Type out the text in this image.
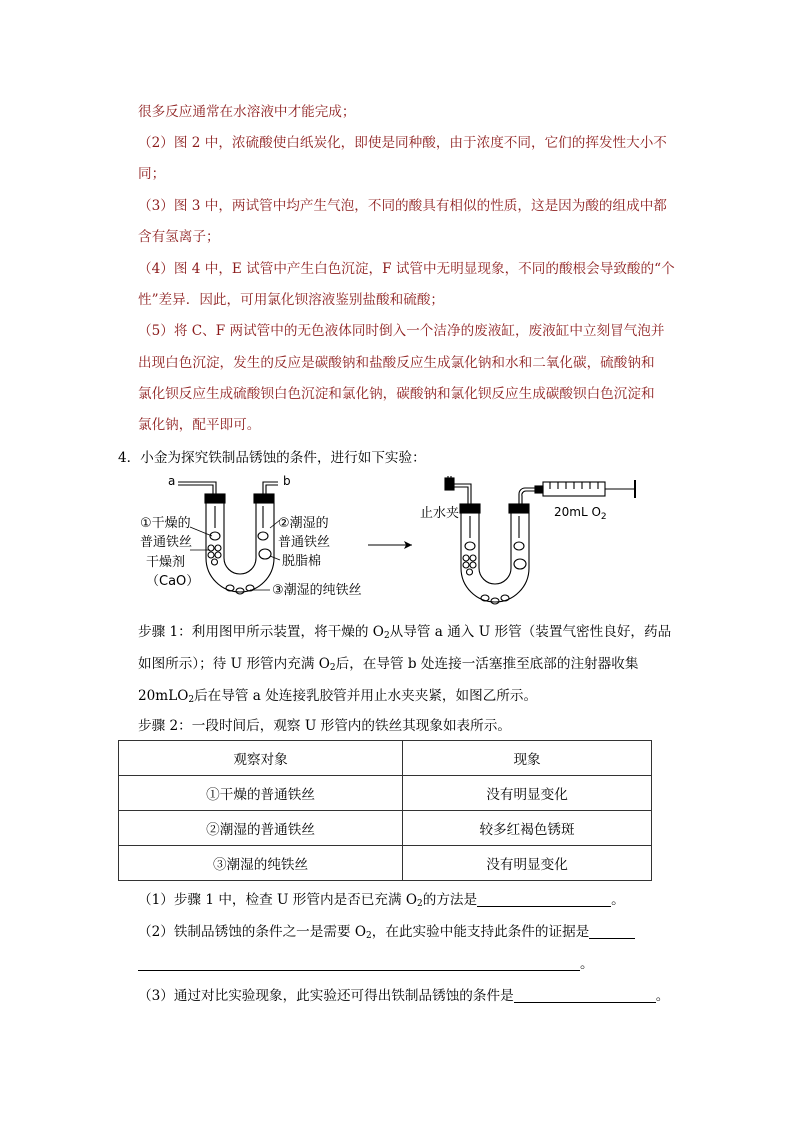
很多反应通常在水溶液中才能完成；
（2）图 2 中，浓硫酸使白纸炭化，即使是同种酸，由于浓度不同，它们的挥发性大小不
同；
（3）图 3 中，两试管中均产生气泡，不同的酸具有相似的性质，这是因为酸的组成中都
含有氢离子；
（4）图 4 中，E 试管中产生白色沉淀，F 试管中无明显现象，不同的酸根会导致酸的“个
性”差异．因此，可用氯化钡溶液鉴别盐酸和硫酸；
（5）将 C、F 两试管中的无色液体同时倒入一个洁净的废液缸，废液缸中立刻冒气泡并
出现白色沉淀，发生的反应是碳酸钠和盐酸反应生成氯化钠和水和二氧化碳，硫酸钠和
氯化钡反应生成硫酸钡白色沉淀和氯化钠，碳酸钠和氯化钡反应生成碳酸钡白色沉淀和
氯化钠，配平即可。
4．小金为探究铁制品锈蚀的条件，进行如下实验：
a	b
①干燥的
普通铁丝
干燥剂
（CaO）
②潮湿的
普通铁丝
脱脂棉
③潮湿的纯铁丝
止水夹	20mL $O_2$
步骤 1：利用图甲所示装置，将干燥的 $O_2$从导管 a 通入 U 形管（装置气密性良好，药品
如图所示）；待 U 形管内充满 $O_2$后，在导管 b 处连接一活塞推至底部的注射器收集
20mLO$_2$后在导管 a 处连接乳胶管并用止水夹夹紧，如图乙所示。
步骤 2：一段时间后，观察 U 形管内的铁丝其现象如表所示。
观察对象	现象
①干燥的普通铁丝	没有明显变化
②潮湿的普通铁丝	较多红褐色锈斑
③潮湿的纯铁丝	没有明显变化
（1）步骤 1 中，检查 U 形管内是否已充满 $O_2$的方法是	。
（2）铁制品锈蚀的条件之一是需要 $O_2$，在此实验中能支持此条件的证据是
。
（3）通过对比实验现象，此实验还可得出铁制品锈蚀的条件是	。
